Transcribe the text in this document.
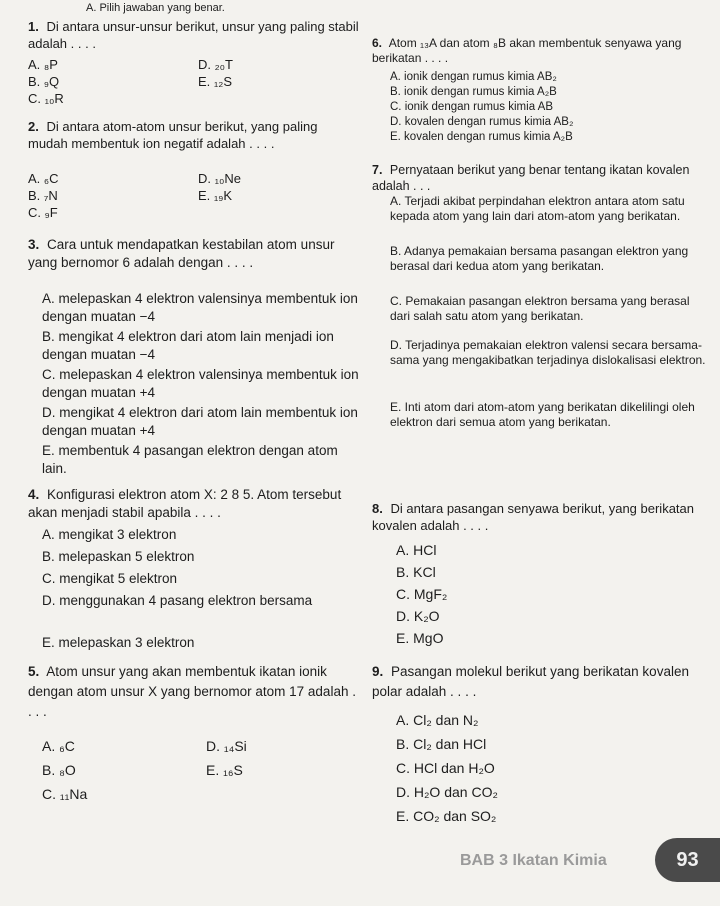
A. Pilih jawaban yang benar.
1. Di antara unsur-unsur berikut, unsur yang paling stabil adalah . . . .
A. ₈P
B. ₉Q
C. ₁₀R
D. ₂₀T
E. ₁₂S
2. Di antara atom-atom unsur berikut, yang paling mudah membentuk ion negatif adalah . . . .
A. ₆C
B. ₇N
C. ₉F
D. ₁₀Ne
E. ₁₉K
3. Cara untuk mendapatkan kestabilan atom unsur yang bernomor 6 adalah dengan . . . .
A. melepaskan 4 elektron valensinya membentuk ion dengan muatan −4
B. mengikat 4 elektron dari atom lain menjadi ion dengan muatan −4
C. melepaskan 4 elektron valensinya membentuk ion dengan muatan +4
D. mengikat 4 elektron dari atom lain membentuk ion dengan muatan +4
E. membentuk 4 pasangan elektron dengan atom lain.
4. Konfigurasi elektron atom X: 2 8 5. Atom tersebut akan menjadi stabil apabila . . . .
A. mengikat 3 elektron
B. melepaskan 5 elektron
C. mengikat 5 elektron
D. menggunakan 4 pasang elektron bersama
E. melepaskan 3 elektron
5. Atom unsur yang akan membentuk ikatan ionik dengan atom unsur X yang bernomor atom 17 adalah . . . .
A. ₆C
B. ₈O
C. ₁₁Na
D. ₁₄Si
E. ₁₆S
6. Atom ₁₃A dan atom ₈B akan membentuk senyawa yang berikatan . . . .
A. ionik dengan rumus kimia AB₂
B. ionik dengan rumus kimia A₂B
C. ionik dengan rumus kimia AB
D. kovalen dengan rumus kimia AB₂
E. kovalen dengan rumus kimia A₂B
7. Pernyataan berikut yang benar tentang ikatan kovalen adalah . . .
A. Terjadi akibat perpindahan elektron antara atom satu kepada atom yang lain dari atom-atom yang berikatan.
B. Adanya pemakaian bersama pasangan elektron yang berasal dari kedua atom yang berikatan.
C. Pemakaian pasangan elektron bersama yang berasal dari salah satu atom yang berikatan.
D. Terjadinya pemakaian elektron valensi secara bersama-sama yang mengakibatkan terjadinya dislokalisasi elektron.
E. Inti atom dari atom-atom yang berikatan dikelilingi oleh elektron dari semua atom yang berikatan.
8. Di antara pasangan senyawa berikut, yang berikatan kovalen adalah . . . .
A. HCl
B. KCl
C. MgF₂
D. K₂O
E. MgO
9. Pasangan molekul berikut yang berikatan kovalen polar adalah . . . .
A. Cl₂ dan N₂
B. Cl₂ dan HCl
C. HCl dan H₂O
D. H₂O dan CO₂
E. CO₂ dan SO₂
BAB 3 Ikatan Kimia	93
